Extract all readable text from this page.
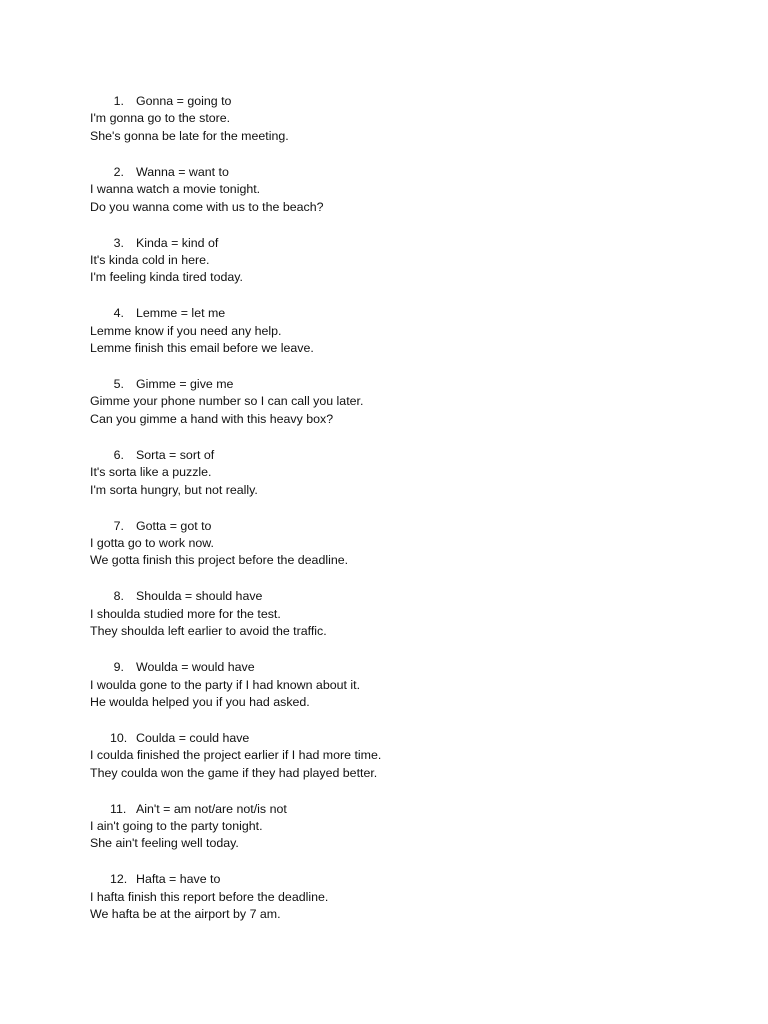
1. Gonna = going to
I'm gonna go to the store.
She's gonna be late for the meeting.
2. Wanna = want to
I wanna watch a movie tonight.
Do you wanna come with us to the beach?
3. Kinda = kind of
It's kinda cold in here.
I'm feeling kinda tired today.
4. Lemme = let me
Lemme know if you need any help.
Lemme finish this email before we leave.
5. Gimme = give me
Gimme your phone number so I can call you later.
Can you gimme a hand with this heavy box?
6. Sorta = sort of
It's sorta like a puzzle.
I'm sorta hungry, but not really.
7. Gotta = got to
I gotta go to work now.
We gotta finish this project before the deadline.
8. Shoulda = should have
I shoulda studied more for the test.
They shoulda left earlier to avoid the traffic.
9. Woulda = would have
I woulda gone to the party if I had known about it.
He woulda helped you if you had asked.
10. Coulda = could have
I coulda finished the project earlier if I had more time.
They coulda won the game if they had played better.
11. Ain't = am not/are not/is not
I ain't going to the party tonight.
She ain't feeling well today.
12. Hafta = have to
I hafta finish this report before the deadline.
We hafta be at the airport by 7 am.
